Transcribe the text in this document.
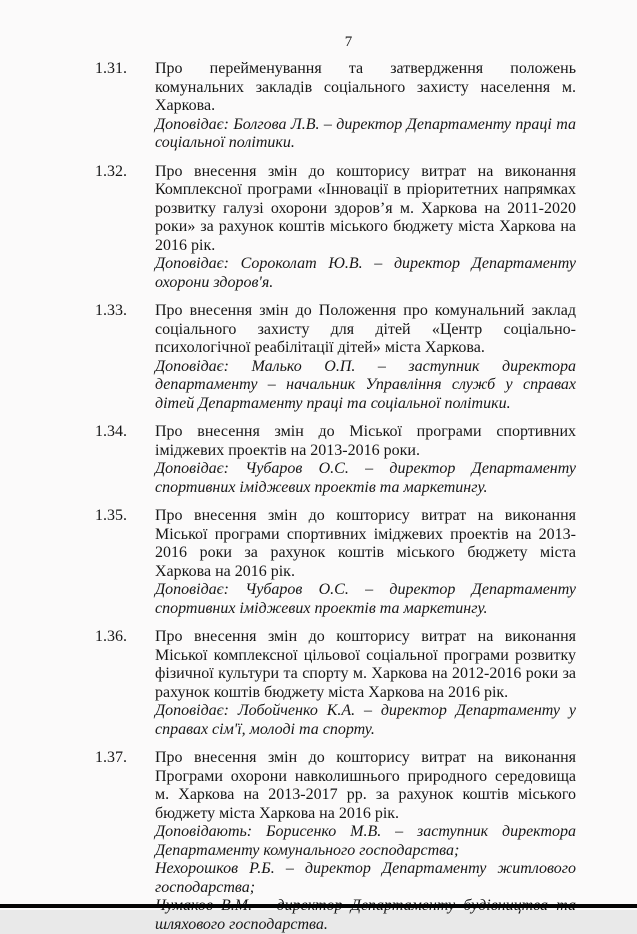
7
1.31.	Про перейменування та затвердження положень комунальних закладів соціального захисту населення м. Харкова.

Доповідає: Болгова Л.В. – директор Департаменту праці та соціальної політики.

1.32.	Про внесення змін до кошторису витрат на виконання Комплексної програми «Інновації в пріоритетних напрямках розвитку галузі охорони здоров’я м. Харкова на 2011-2020 роки» за рахунок коштів міського бюджету міста Харкова на 2016 рік.

Доповідає: Сороколат Ю.В. – директор Департаменту охорони здоров'я.

1.33.	Про внесення змін до Положення про комунальний заклад соціального захисту для дітей «Центр соціально-психологічної реабілітації дітей» міста Харкова.

Доповідає: Малько О.П. – заступник директора департаменту – начальник Управління служб у справах дітей Департаменту праці та соціальної політики.

1.34.	Про внесення змін до Міської програми спортивних іміджевих проектів на 2013-2016 роки.

Доповідає: Чубаров О.С. – директор Департаменту спортивних іміджевих проектів та маркетингу.

1.35.	Про внесення змін до кошторису витрат на виконання Міської програми спортивних іміджевих проектів на 2013-2016 роки за рахунок коштів міського бюджету міста Харкова на 2016 рік.

Доповідає: Чубаров О.С. – директор Департаменту спортивних іміджевих проектів та маркетингу.

1.36.	Про внесення змін до кошторису витрат на виконання Міської комплексної цільової соціальної програми розвитку фізичної культури та спорту м. Харкова на 2012-2016 роки за рахунок коштів бюджету міста Харкова на 2016 рік.

Доповідає: Лобойченко К.А. – директор Департаменту у справах сім'ї, молоді та спорту.

1.37.	Про внесення змін до кошторису витрат на виконання Програми охорони навколишнього природного середовища м. Харкова на 2013-2017 рр. за рахунок коштів міського бюджету міста Харкова на 2016 рік.

Доповідають: Борисенко М.В. – заступник директора Департаменту комунального господарства;

Нехорошков Р.Б. – директор Департаменту житлового господарства;

шляхового господарства.
